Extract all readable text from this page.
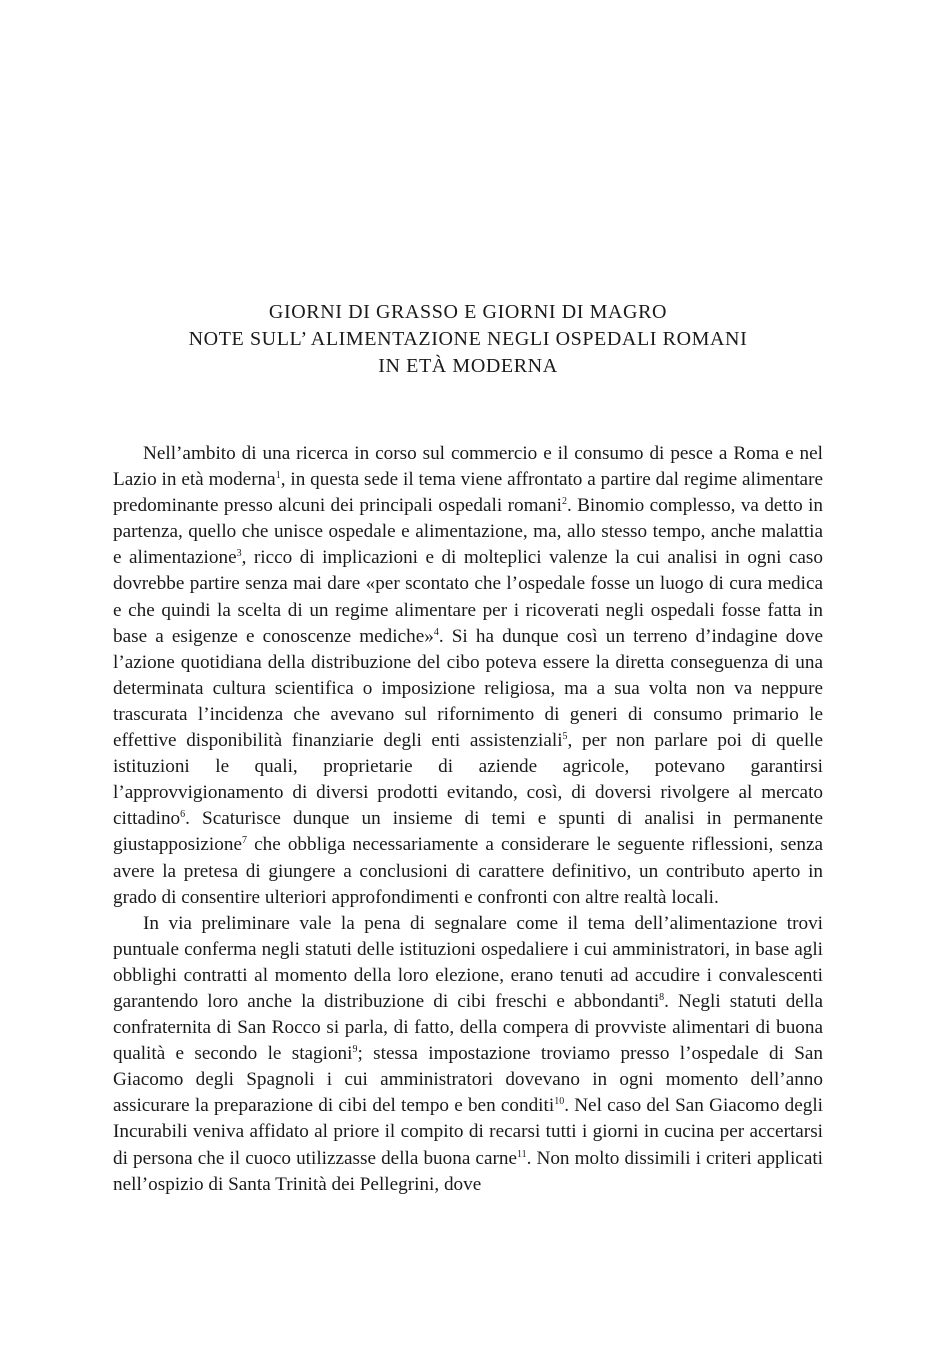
GIORNI DI GRASSO E GIORNI DI MAGRO
NOTE SULL’ ALIMENTAZIONE NEGLI OSPEDALI ROMANI
IN ETÀ MODERNA

Nell’ambito di una ricerca in corso sul commercio e il consumo di pesce a Roma e nel Lazio in età moderna$^1$, in questa sede il tema viene affrontato a partire dal regime alimentare predominante presso alcuni dei principali ospedali romani$^2$. Binomio complesso, va detto in partenza, quello che unisce ospedale e alimentazione, ma, allo stesso tempo, anche malattia e alimentazione$^3$, ricco di implicazioni e di molteplici valenze la cui analisi in ogni caso dovrebbe partire senza mai dare «per scontato che l’ospedale fosse un luogo di cura medica e che quindi la scelta di un regime alimentare per i ricoverati negli ospedali fosse fatta in base a esigenze e conoscenze mediche»$^4$. Si ha dunque così un terreno d’indagine dove l’azione quotidiana della distribuzione del cibo poteva essere la diretta conseguenza di una determinata cultura scientifica o imposizione religiosa, ma a sua volta non va neppure trascurata l’incidenza che avevano sul rifornimento di generi di consumo primario le effettive disponibilità finanziarie degli enti assistenziali$^5$, per non parlare poi di quelle istituzioni le quali, proprietarie di aziende agricole, potevano garantirsi l’approvvigionamento di diversi prodotti evitando, così, di doversi rivolgere al mercato cittadino$^6$. Scaturisce dunque un insieme di temi e spunti di analisi in permanente giustapposizione$^7$ che obbliga necessariamente a considerare le seguente riflessioni, senza avere la pretesa di giungere a conclusioni di carattere definitivo, un contributo aperto in grado di consentire ulteriori approfondimenti e confronti con altre realtà locali.

In via preliminare vale la pena di segnalare come il tema dell’alimentazione trovi puntuale conferma negli statuti delle istituzioni ospedaliere i cui amministratori, in base agli obblighi contratti al momento della loro elezione, erano tenuti ad accudire i convalescenti garantendo loro anche la distribuzione di cibi freschi e abbondanti$^8$. Negli statuti della confraternita di San Rocco si parla, di fatto, della compera di provviste alimentari di buona qualità e secondo le stagioni$^9$; stessa impostazione troviamo presso l’ospedale di San Giacomo degli Spagnoli i cui amministratori dovevano in ogni momento dell’anno assicurare la preparazione di cibi del tempo e ben conditi$^{10}$. Nel caso del San Giacomo degli Incurabili veniva affidato al priore il compito di recarsi tutti i giorni in cucina per accertarsi di persona che il cuoco utilizzasse della buona carne$^{11}$. Non molto dissimili i criteri applicati nell’ospizio di Santa Trinità dei Pellegrini, dove
